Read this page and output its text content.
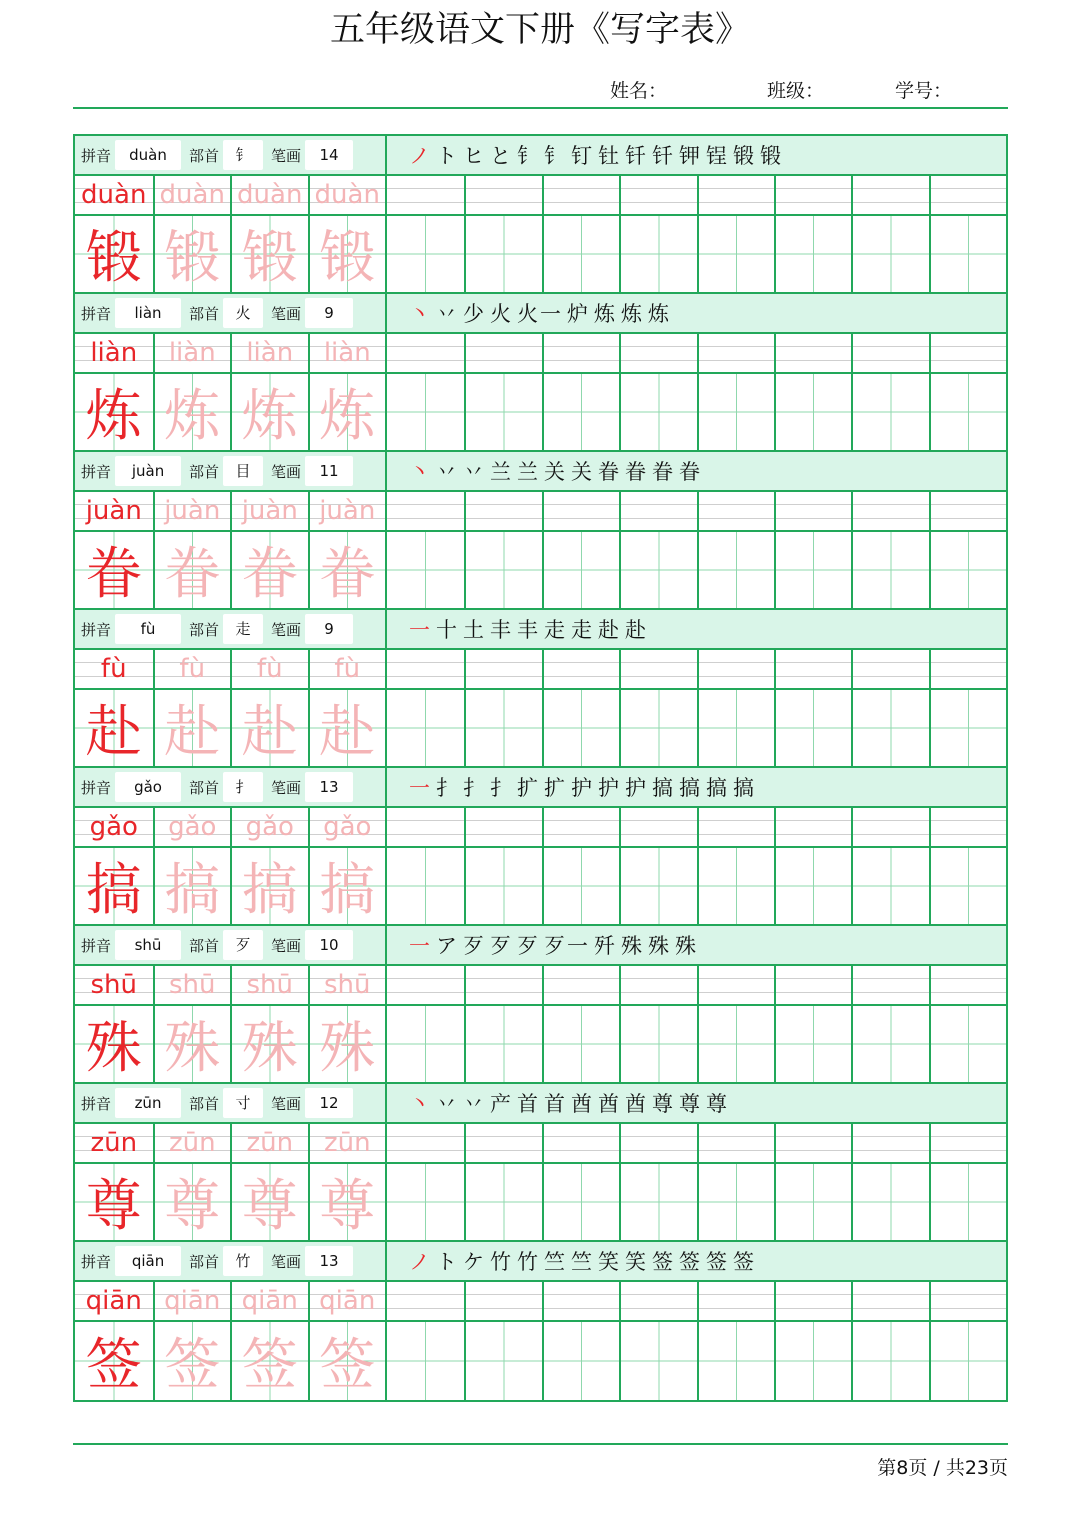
五年级语文下册《写字表》
姓名：	班级：	学号：
拼音	duàn	部首	钅	笔画	14	ノ ト ヒ と 钅 钅 钉 钍 钎 钎 钾 锃 锻 锻
duàn duàn duàn duàn
锻 锻 锻 锻
拼音	liàn	部首	火	笔画	9	丶 丷 少 火 火一 炉 炼 炼 炼
liàn	liàn	liàn	liàn
炼 炼 炼 炼
拼音	juàn	部首	目	笔画	11	丶 丷 丷 兰 兰 关 关 眷 眷 眷 眷
juàn juàn juàn juàn
眷 眷 眷 眷
拼音	fù	部首	走	笔画	9	一 十 土 丰 丰 走 走 赴 赴
fù	fù	fù	fù
赴 赴 赴 赴
拼音	gǎo	部首	扌	笔画	13	一 扌 扌 扌 扩 扩 护 护 护 搞 搞 搞 搞
gǎo	gǎo	gǎo	gǎo
搞 搞 搞 搞
拼音	shū	部首	歹	笔画	10	一 ア 歹 歹 歹 歹一 歼 殊 殊 殊
shū	shū	shū	shū
殊 殊 殊 殊
拼音	zūn	部首	寸	笔画	12	丶 丷 丷 产 首 首 酋 酋 酋 尊 尊 尊
zūn	zūn	zūn	zūn
尊 尊 尊 尊
拼音	qiān	部首	竹	笔画	13	ノ ト ケ 竹 竹 竺 竺 笑 笑 签 签 签 签
qiān qiān qiān qiān
签 签 签 签
第8页 / 共23页
